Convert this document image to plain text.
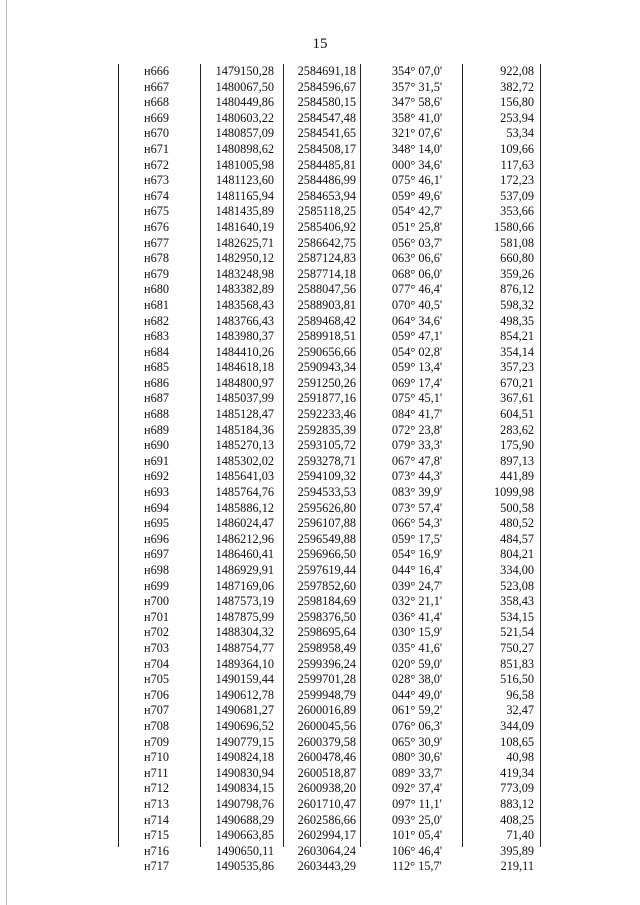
15
н666	1479150,28	2584691,18	354° 07,0'	922,08
н667	1480067,50	2584596,67	357° 31,5'	382,72
н668	1480449,86	2584580,15	347° 58,6'	156,80
н669	1480603,22	2584547,48	358° 41,0'	253,94
н670	1480857,09	2584541,65	321° 07,6'	53,34
н671	1480898,62	2584508,17	348° 14,0'	109,66
н672	1481005,98	2584485,81	000° 34,6'	117,63
н673	1481123,60	2584486,99	075° 46,1'	172,23
н674	1481165,94	2584653,94	059° 49,6'	537,09
н675	1481435,89	2585118,25	054° 42,7'	353,66
н676	1481640,19	2585406,92	051° 25,8'	1580,66
н677	1482625,71	2586642,75	056° 03,7'	581,08
н678	1482950,12	2587124,83	063° 06,6'	660,80
н679	1483248,98	2587714,18	068° 06,0'	359,26
н680	1483382,89	2588047,56	077° 46,4'	876,12
н681	1483568,43	2588903,81	070° 40,5'	598,32
н682	1483766,43	2589468,42	064° 34,6'	498,35
н683	1483980,37	2589918,51	059° 47,1'	854,21
н684	1484410,26	2590656,66	054° 02,8'	354,14
н685	1484618,18	2590943,34	059° 13,4'	357,23
н686	1484800,97	2591250,26	069° 17,4'	670,21
н687	1485037,99	2591877,16	075° 45,1'	367,61
н688	1485128,47	2592233,46	084° 41,7'	604,51
н689	1485184,36	2592835,39	072° 23,8'	283,62
н690	1485270,13	2593105,72	079° 33,3'	175,90
н691	1485302,02	2593278,71	067° 47,8'	897,13
н692	1485641,03	2594109,32	073° 44,3'	441,89
н693	1485764,76	2594533,53	083° 39,9'	1099,98
н694	1485886,12	2595626,80	073° 57,4'	500,58
н695	1486024,47	2596107,88	066° 54,3'	480,52
н696	1486212,96	2596549,88	059° 17,5'	484,57
н697	1486460,41	2596966,50	054° 16,9'	804,21
н698	1486929,91	2597619,44	044° 16,4'	334,00
н699	1487169,06	2597852,60	039° 24,7'	523,08
н700	1487573,19	2598184,69	032° 21,1'	358,43
н701	1487875,99	2598376,50	036° 41,4'	534,15
н702	1488304,32	2598695,64	030° 15,9'	521,54
н703	1488754,77	2598958,49	035° 41,6'	750,27
н704	1489364,10	2599396,24	020° 59,0'	851,83
н705	1490159,44	2599701,28	028° 38,0'	516,50
н706	1490612,78	2599948,79	044° 49,0'	96,58
н707	1490681,27	2600016,89	061° 59,2'	32,47
н708	1490696,52	2600045,56	076° 06,3'	344,09
н709	1490779,15	2600379,58	065° 30,9'	108,65
н710	1490824,18	2600478,46	080° 30,6'	40,98
н711	1490830,94	2600518,87	089° 33,7'	419,34
н712	1490834,15	2600938,20	092° 37,4'	773,09
н713	1490798,76	2601710,47	097° 11,1'	883,12
н714	1490688,29	2602586,66	093° 25,0'	408,25
н715	1490663,85	2602994,17	101° 05,4'	71,40
н716	1490650,11	2603064,24	106° 46,4'	395,89
н717	1490535,86	2603443,29	112° 15,7'	219,11
